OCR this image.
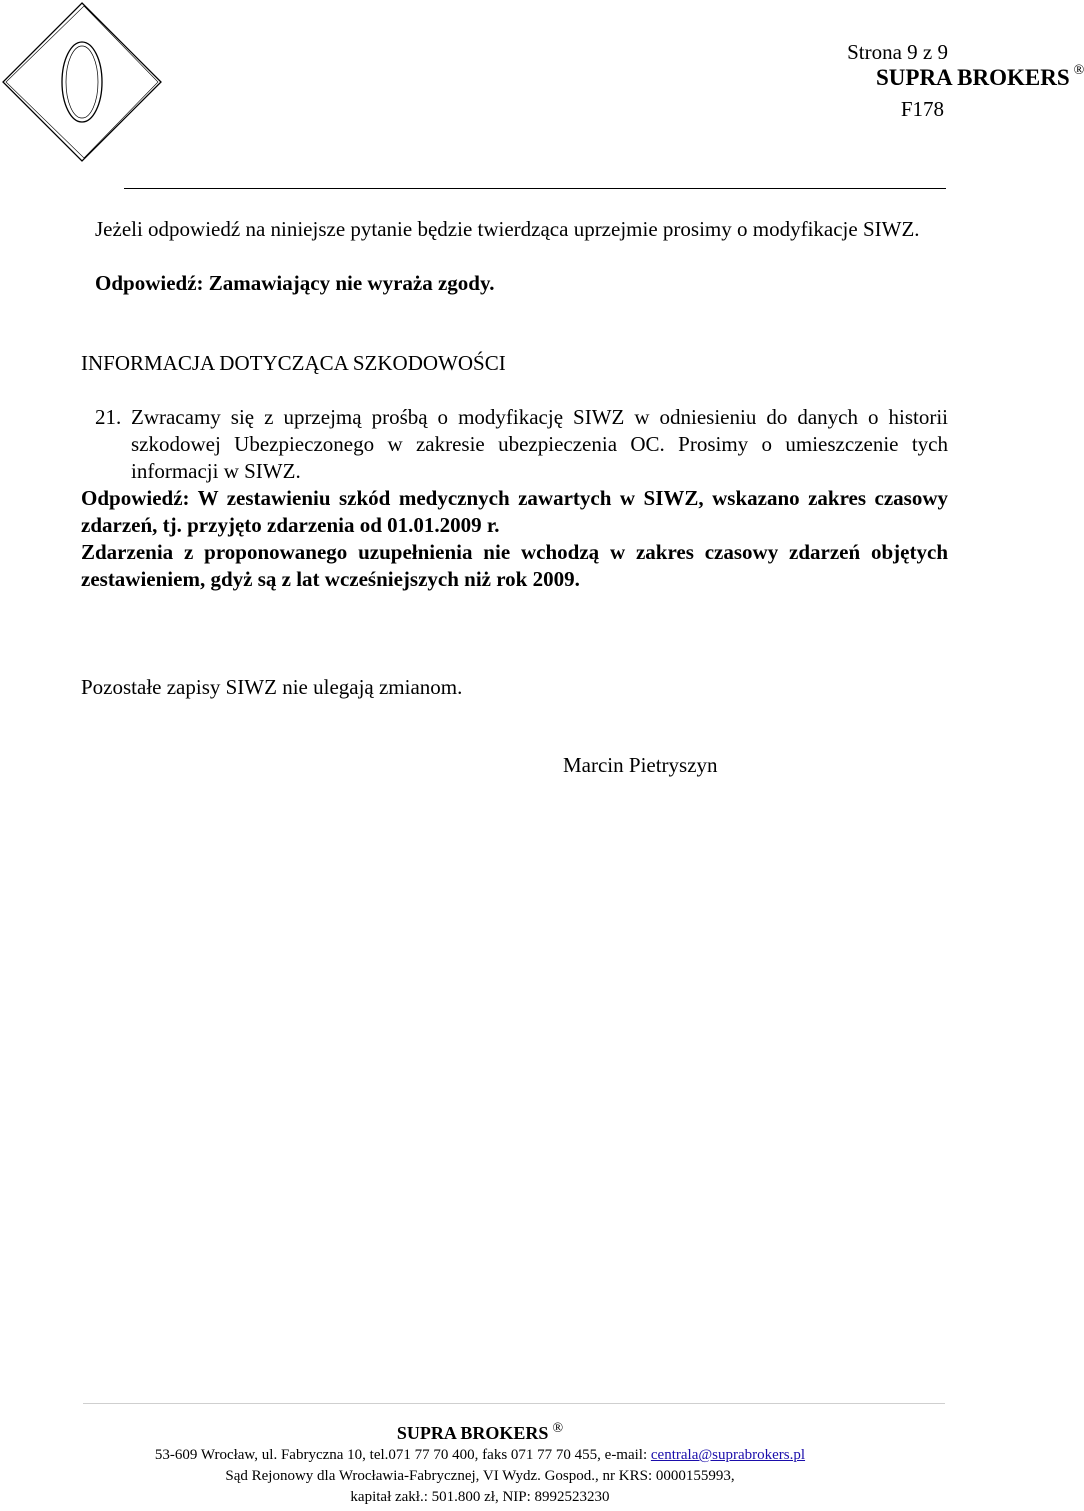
SUPRA BROKERS ®
Strona 9 z 9
F178
Jeżeli odpowiedź na niniejsze pytanie będzie twierdząca uprzejmie prosimy o modyfikacje SIWZ.
Odpowiedź: Zamawiający nie wyraża zgody.
INFORMACJA DOTYCZĄCA SZKODOWOŚCI
21. Zwracamy się z uprzejmą prośbą o modyfikację SIWZ w odniesieniu do danych o historii szkodowej Ubezpieczonego w zakresie ubezpieczenia OC. Prosimy o umieszczenie tych informacji w SIWZ.
Odpowiedź: W zestawieniu szkód medycznych zawartych w SIWZ, wskazano zakres czasowy zdarzeń, tj. przyjęto zdarzenia od 01.01.2009 r.
Zdarzenia z proponowanego uzupełnienia nie wchodzą w zakres czasowy zdarzeń objętych zestawieniem, gdyż są z lat wcześniejszych niż rok 2009.
Pozostałe zapisy SIWZ nie ulegają zmianom.
Marcin Pietryszyn
SUPRA BROKERS ®
53-609 Wrocław, ul. Fabryczna 10, tel.071 77 70 400, faks 071 77 70 455, e-mail: centrala@suprabrokers.pl
Sąd Rejonowy dla Wrocławia-Fabrycznej, VI Wydz. Gospod., nr KRS: 0000155993,
kapitał zakł.: 501.800 zł, NIP: 8992523230
